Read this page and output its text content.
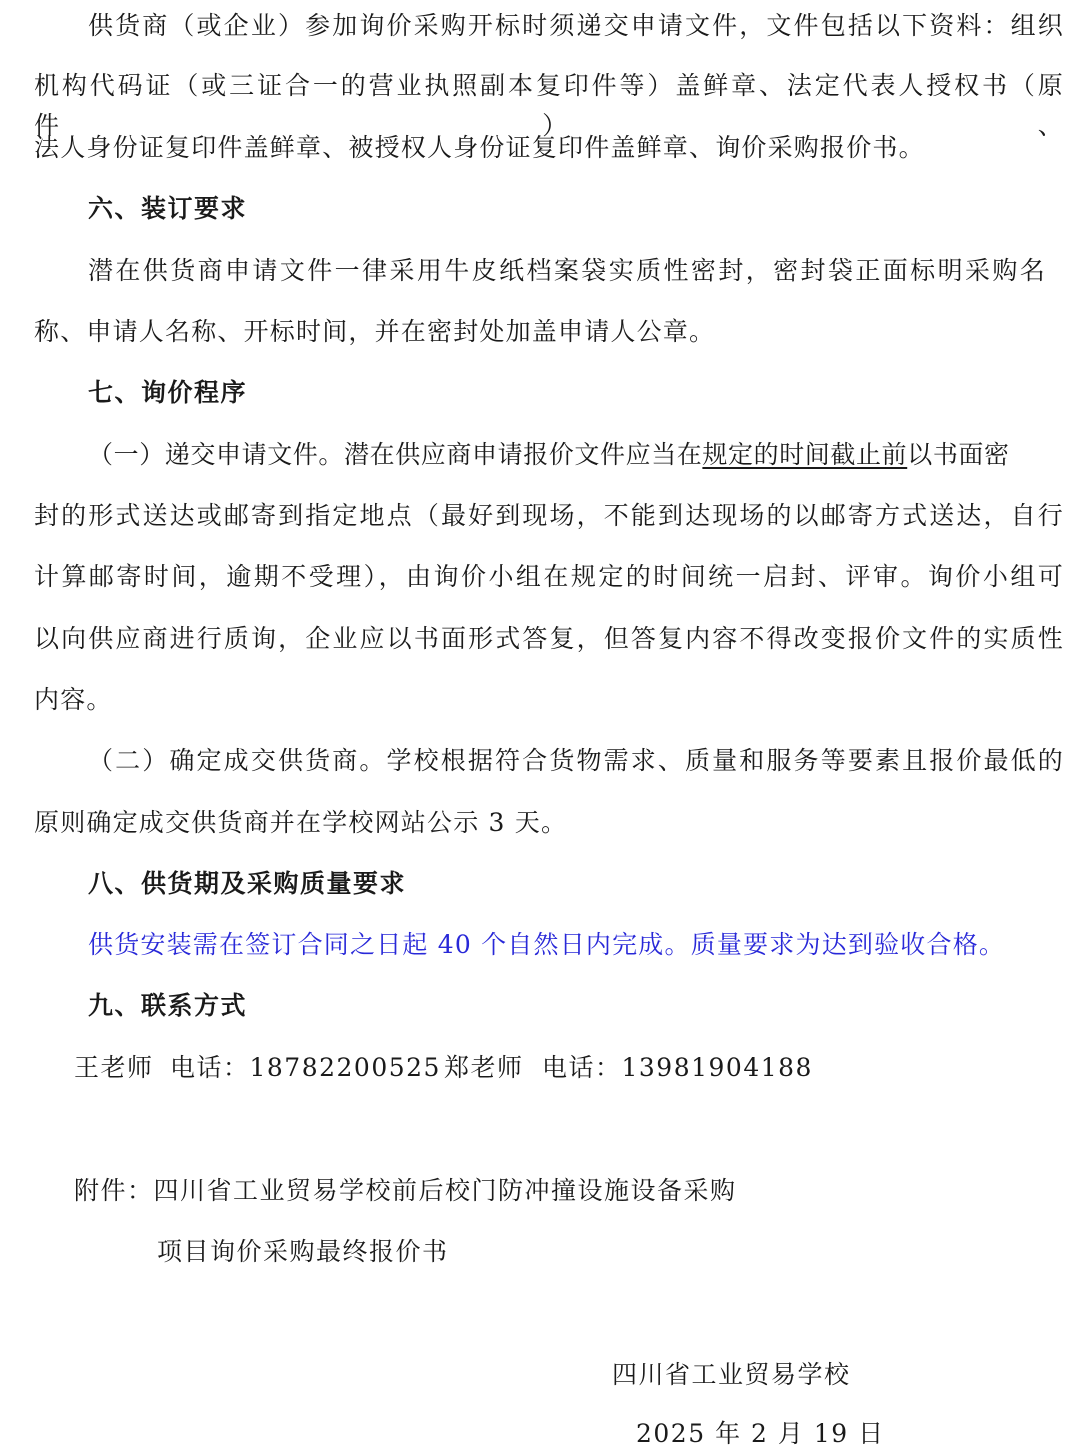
供货商（或企业）参加询价采购开标时须递交申请文件，文件包括以下资料：组织
机构代码证（或三证合一的营业执照副本复印件等）盖鲜章、法定代表人授权书（原件）、
法人身份证复印件盖鲜章、被授权人身份证复印件盖鲜章、询价采购报价书。
六、装订要求
潜在供货商申请文件一律采用牛皮纸档案袋实质性密封，密封袋正面标明采购名
称、申请人名称、开标时间，并在密封处加盖申请人公章。
七、询价程序
（一）递交申请文件。潜在供应商申请报价文件应当在规定的时间截止前以书面密
封的形式送达或邮寄到指定地点（最好到现场，不能到达现场的以邮寄方式送达，自行
计算邮寄时间，逾期不受理），由询价小组在规定的时间统一启封、评审。询价小组可
以向供应商进行质询，企业应以书面形式答复，但答复内容不得改变报价文件的实质性
内容。
（二）确定成交供货商。学校根据符合货物需求、质量和服务等要素且报价最低的
原则确定成交供货商并在学校网站公示 3 天。
八、供货期及采购质量要求
供货安装需在签订合同之日起 40 个自然日内完成。质量要求为达到验收合格。
九、联系方式
王老师 电话：18782200525 郑老师 电话：13981904188
附件：四川省工业贸易学校前后校门防冲撞设施设备采购
项目询价采购最终报价书
四川省工业贸易学校
2025 年 2 月 19 日
